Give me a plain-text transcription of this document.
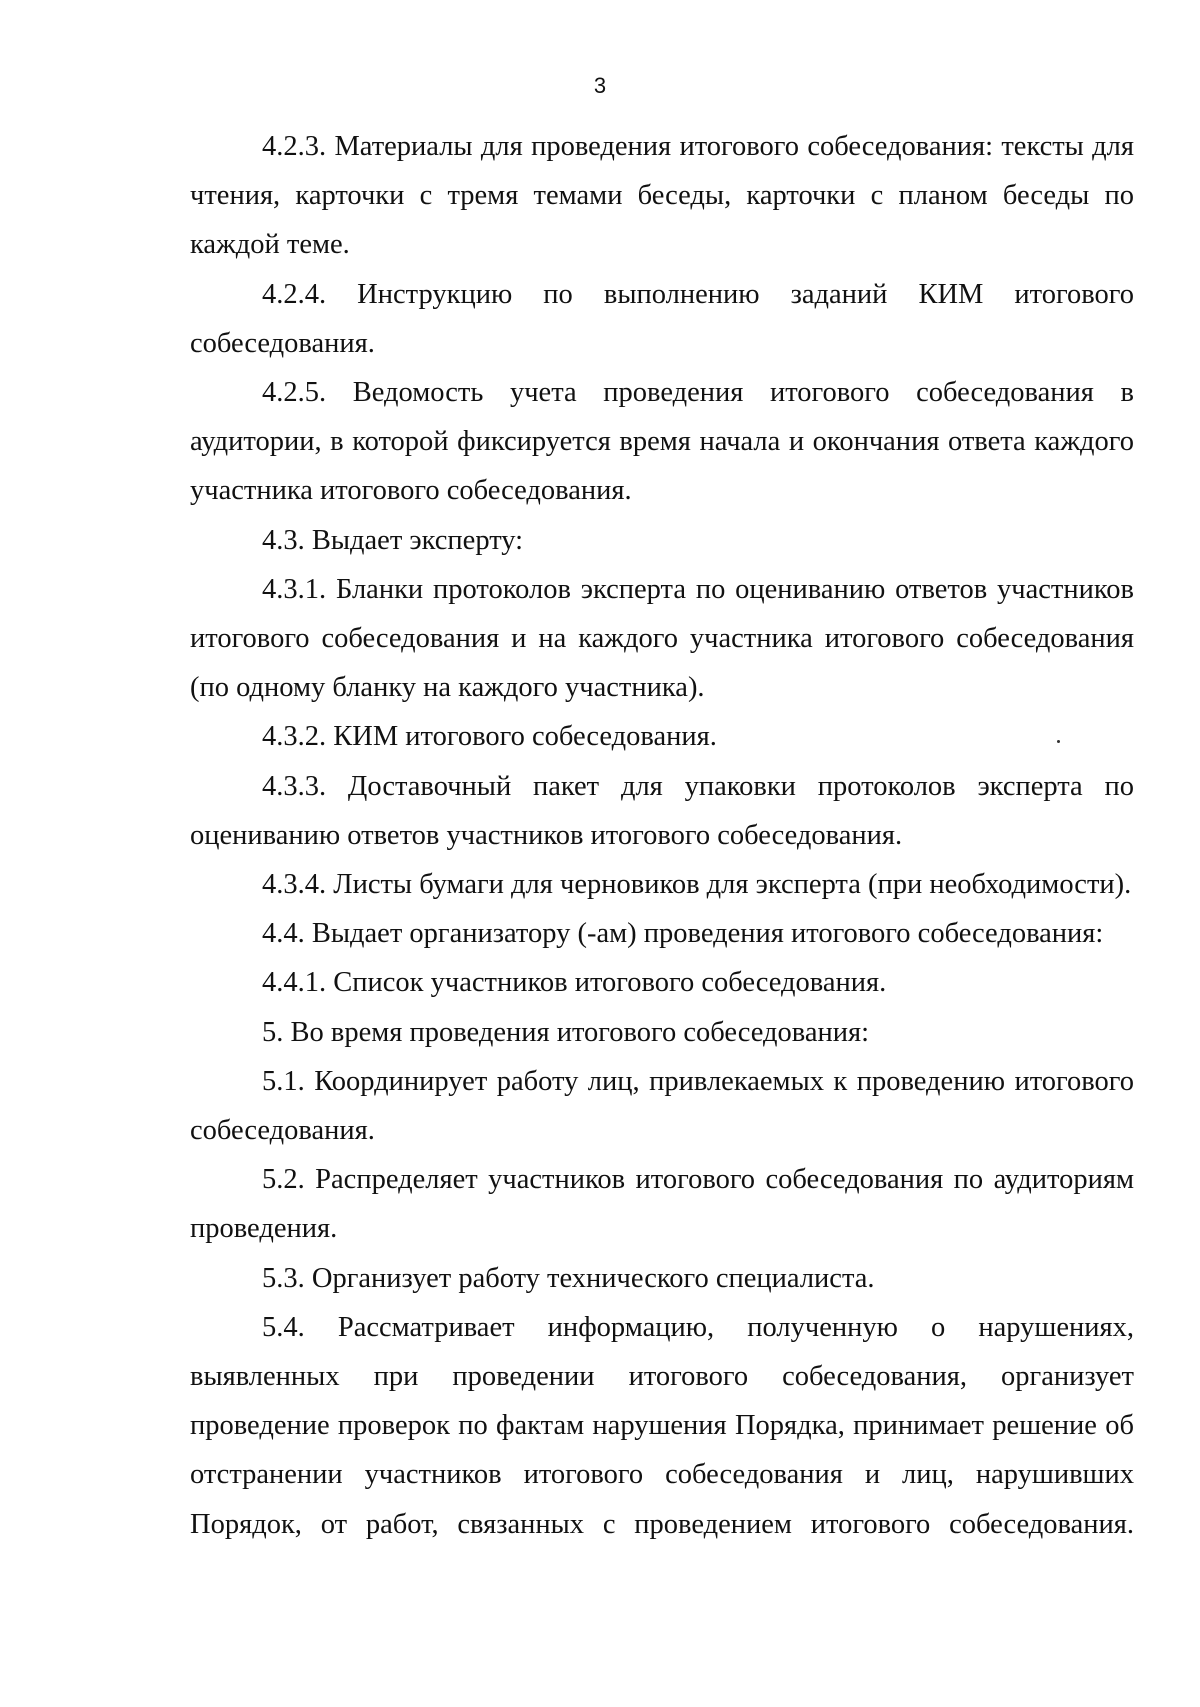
3

4.2.3. Материалы для проведения итогового собеседования: тексты для чтения, карточки с тремя темами беседы, карточки с планом беседы по каждой теме.

4.2.4. Инструкцию по выполнению заданий КИМ итогового собеседования.

4.2.5. Ведомость учета проведения итогового собеседования в аудитории, в которой фиксируется время начала и окончания ответа каждого участника итогового собеседования.

4.3. Выдает эксперту:

4.3.1. Бланки протоколов эксперта по оцениванию ответов участников итогового собеседования и на каждого участника итогового собеседования (по одному бланку на каждого участника).

4.3.2. КИМ итогового собеседования.

4.3.3. Доставочный пакет для упаковки протоколов эксперта по оцениванию ответов участников итогового собеседования.

4.3.4. Листы бумаги для черновиков для эксперта (при необходимости).

4.4. Выдает организатору (-ам) проведения итогового собеседования:

4.4.1. Список участников итогового собеседования.

5. Во время проведения итогового собеседования:

5.1. Координирует работу лиц, привлекаемых к проведению итогового собеседования.

5.2. Распределяет участников итогового собеседования по аудиториям проведения.

5.3. Организует работу технического специалиста.

5.4. Рассматривает информацию, полученную о нарушениях, выявленных при проведении итогового собеседования, организует проведение проверок по фактам нарушения Порядка, принимает решение об отстранении участников итогового собеседования и лиц, нарушивших Порядок, от работ, связанных с проведением итогового собеседования.
